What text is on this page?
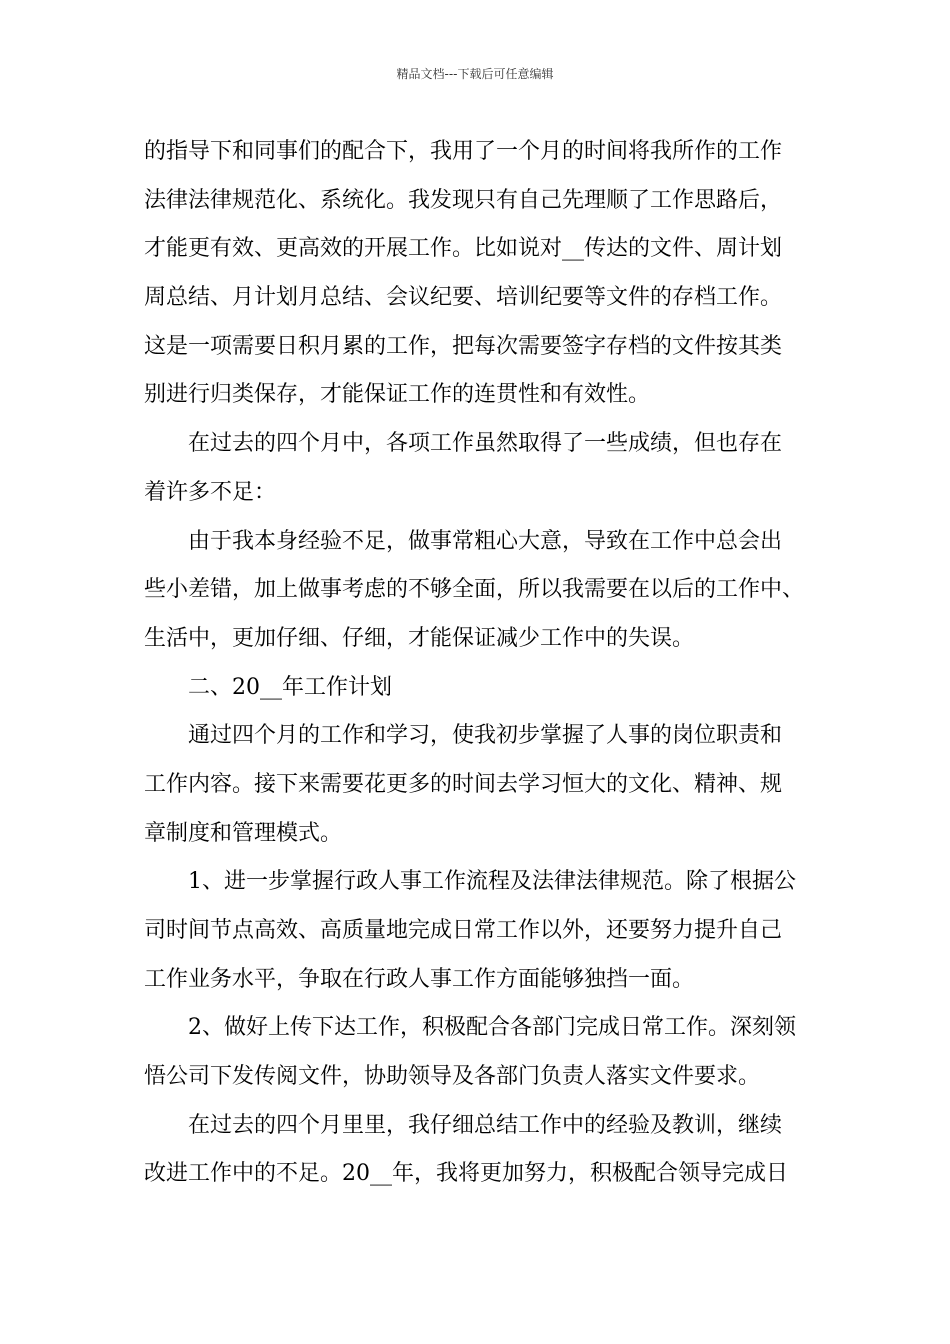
精品文档---下载后可任意编辑
的指导下和同事们的配合下，我用了一个月的时间将我所作的工作
法律法律规范化、系统化。我发现只有自己先理顺了工作思路后，
才能更有效、更高效的开展工作。比如说对__传达的文件、周计划
周总结、月计划月总结、会议纪要、培训纪要等文件的存档工作。
这是一项需要日积月累的工作，把每次需要签字存档的文件按其类
别进行归类保存，才能保证工作的连贯性和有效性。
在过去的四个月中，各项工作虽然取得了一些成绩，但也存在
着许多不足：
由于我本身经验不足，做事常粗心大意，导致在工作中总会出
些小差错，加上做事考虑的不够全面，所以我需要在以后的工作中、
生活中，更加仔细、仔细，才能保证减少工作中的失误。
二、20__年工作计划
通过四个月的工作和学习，使我初步掌握了人事的岗位职责和
工作内容。接下来需要花更多的时间去学习恒大的文化、精神、规
章制度和管理模式。
1、进一步掌握行政人事工作流程及法律法律规范。除了根据公
司时间节点高效、高质量地完成日常工作以外，还要努力提升自己
工作业务水平，争取在行政人事工作方面能够独挡一面。
2、做好上传下达工作，积极配合各部门完成日常工作。深刻领
悟公司下发传阅文件，协助领导及各部门负责人落实文件要求。
在过去的四个月里里，我仔细总结工作中的经验及教训，继续
改进工作中的不足。20__年，我将更加努力，积极配合领导完成日
